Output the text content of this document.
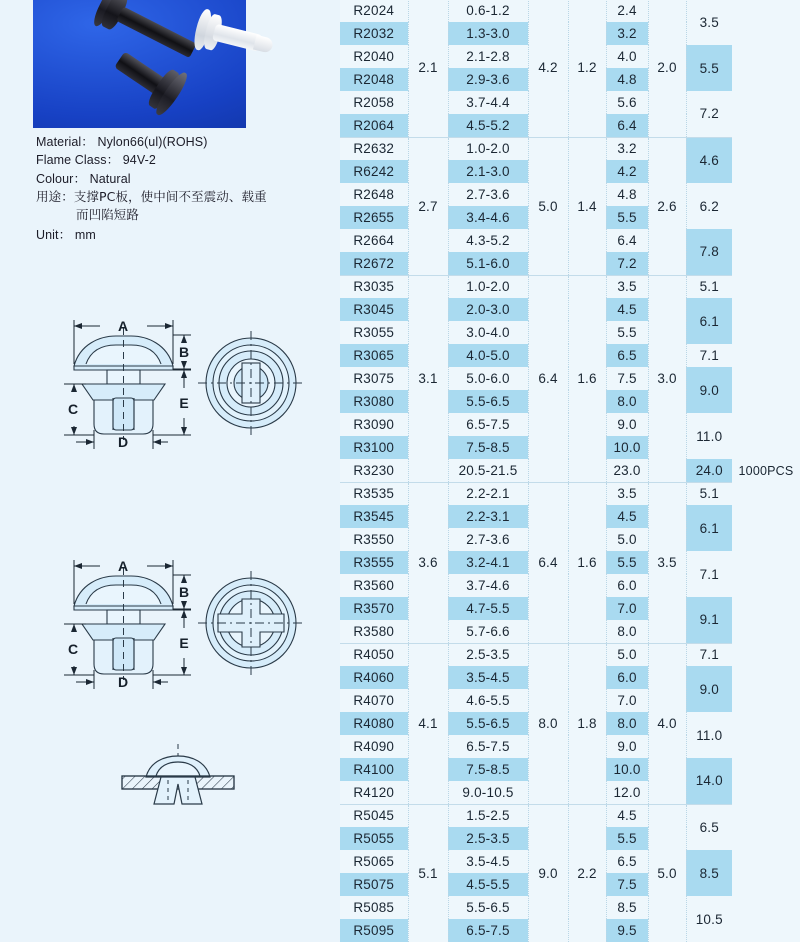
Material： Nylon66(ul)(ROHS)
Flame Class： 94V-2
Colour： Natural
用途：支撑PC板，使中间不至震动、载重
而凹陷短路
Unit： mm
A
B
E
C
D
A
B
E
C
D
R2024	2.1	0.6-1.2	4.2	1.2	2.4	2.0	3.5	1000PCS
R2032		1.3-3.0			3.2			
R2040		2.1-2.8			4.0		5.5	
R2048		2.9-3.6			4.8			
R2058		3.7-4.4			5.6		7.2	
R2064		4.5-5.2			6.4			
R2632	2.7	1.0-2.0	5.0	1.4	3.2	2.6	4.6	
R6242		2.1-3.0			4.2			
R2648		2.7-3.6			4.8		6.2	
R2655		3.4-4.6			5.5			
R2664		4.3-5.2			6.4		7.8	
R2672		5.1-6.0			7.2			
R3035	3.1	1.0-2.0	6.4	1.6	3.5	3.0	5.1	
R3045		2.0-3.0			4.5		6.1	
R3055		3.0-4.0			5.5			
R3065		4.0-5.0			6.5		7.1	
R3075		5.0-6.0			7.5		9.0	
R3080		5.5-6.5			8.0			
R3090		6.5-7.5			9.0		11.0	
R3100		7.5-8.5			10.0			
R3230		20.5-21.5			23.0		24.0	
R3535	3.6	2.2-2.1	6.4	1.6	3.5	3.5	5.1	
R3545		2.2-3.1			4.5		6.1	
R3550		2.7-3.6			5.0			
R3555		3.2-4.1			5.5		7.1	
R3560		3.7-4.6			6.0			
R3570		4.7-5.5			7.0		9.1	
R3580		5.7-6.6			8.0			
R4050	4.1	2.5-3.5	8.0	1.8	5.0	4.0	7.1	
R4060		3.5-4.5			6.0		9.0	
R4070		4.6-5.5			7.0			
R4080		5.5-6.5			8.0		11.0	
R4090		6.5-7.5			9.0			
R4100		7.5-8.5			10.0		14.0	
R4120		9.0-10.5			12.0			
R5045	5.1	1.5-2.5	9.0	2.2	4.5	5.0	6.5	
R5055		2.5-3.5			5.5			
R5065		3.5-4.5			6.5		8.5	
R5075		4.5-5.5			7.5			
R5085		5.5-6.5			8.5		10.5	
R5095		6.5-7.5			9.5			
